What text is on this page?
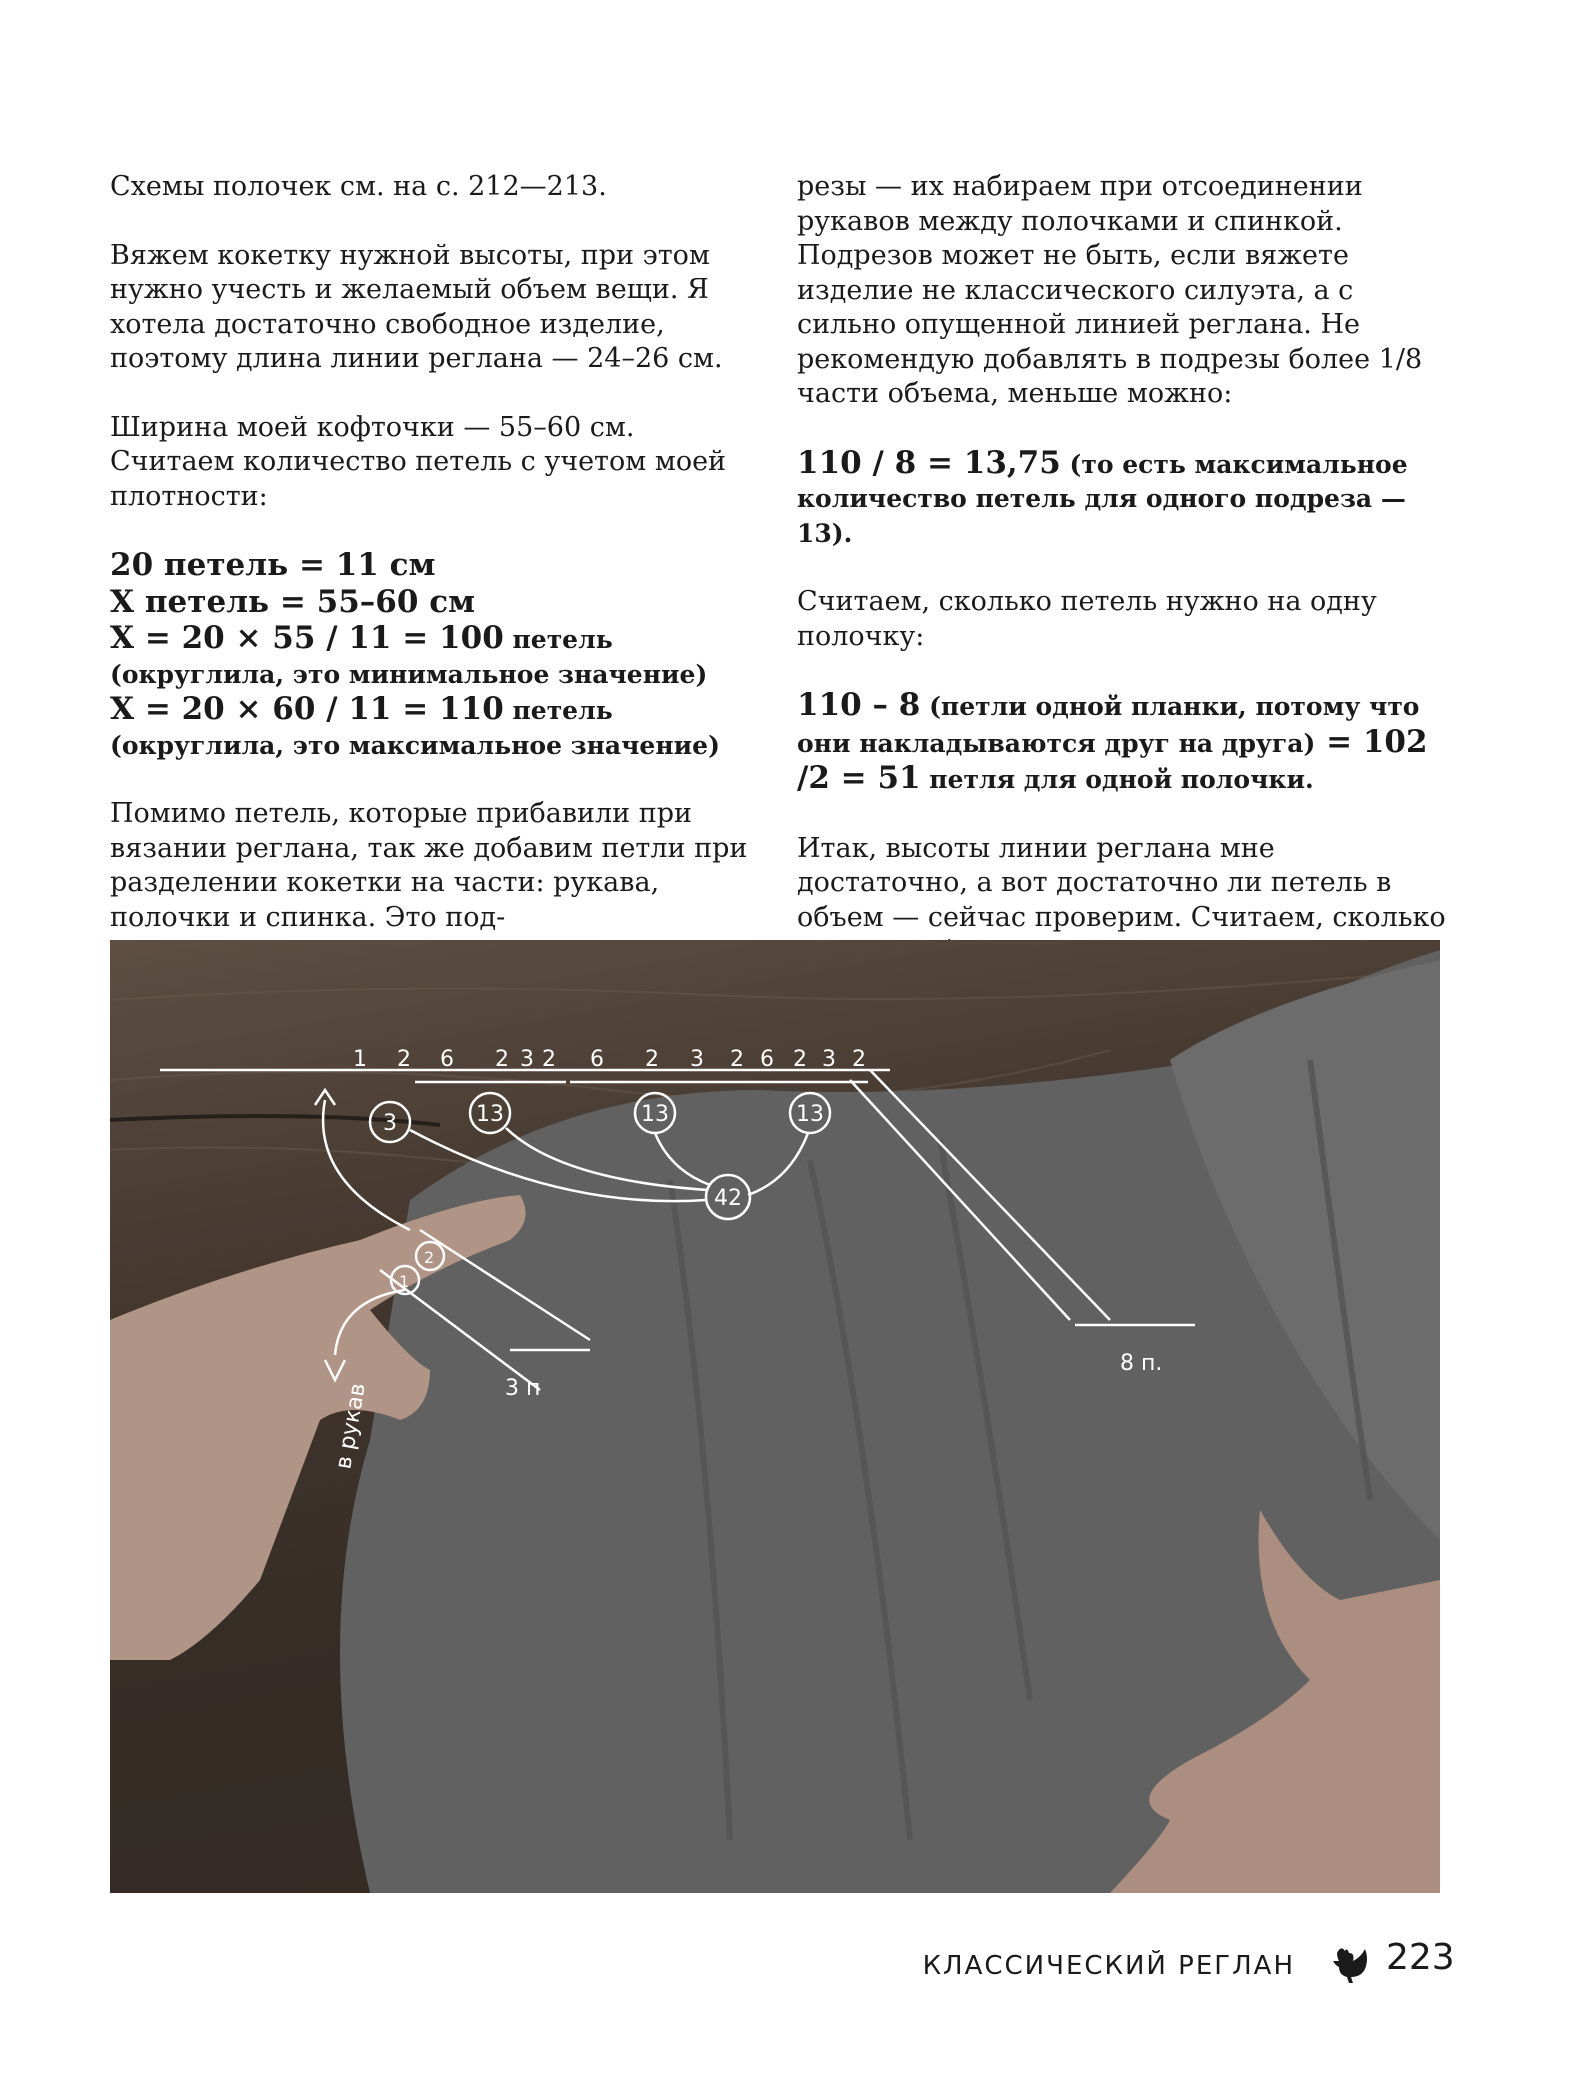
Схемы полочек см. на с. 212—213.

Вяжем кокетку нужной высоты, при этом нужно учесть и желаемый объем вещи. Я хотела достаточно свободное изделие, поэтому длина линии реглана — 24–26 см.

Ширина моей кофточки — 55–60 см. Считаем количество петель с учетом моей плотности:

20 петель = 11 см
Х петель = 55–60 см
Х = 20 × 55 / 11 = 100 петель (округлила, это минимальное значение)
Х = 20 × 60 / 11 = 110 петель (округлила, это максимальное значение)

Помимо петель, которые прибавили при вязании реглана, так же добавим петли при разделении кокетки на части: рукава, полочки и спинка. Это под-

резы — их набираем при отсоединении рукавов между полочками и спинкой. Подрезов может не быть, если вяжете изделие не классического силуэта, а с сильно опущенной линией реглана. Не рекомендую добавлять в подрезы более 1/8 части объема, меньше можно:

110 / 8 = 13,75 (то есть максимальное количество петель для одного подреза — 13).

Считаем, сколько петель нужно на одну полочку:

110 – 8 (петли одной планки, потому что они накладываются друг на друга) = 102 /2 = 51 петля для одной полочки.

Итак, высоты линии реглана мне достаточно, а вот достаточно ли петель в объем — сейчас проверим. Считаем, сколько

1 2 6 2 3 2 6 2 3 2 6 2 3 2
3	13	13	13
42
2
1
3 п
8 п.
в рукав
КЛАССИЧЕСКИЙ РЕГЛАН	223
